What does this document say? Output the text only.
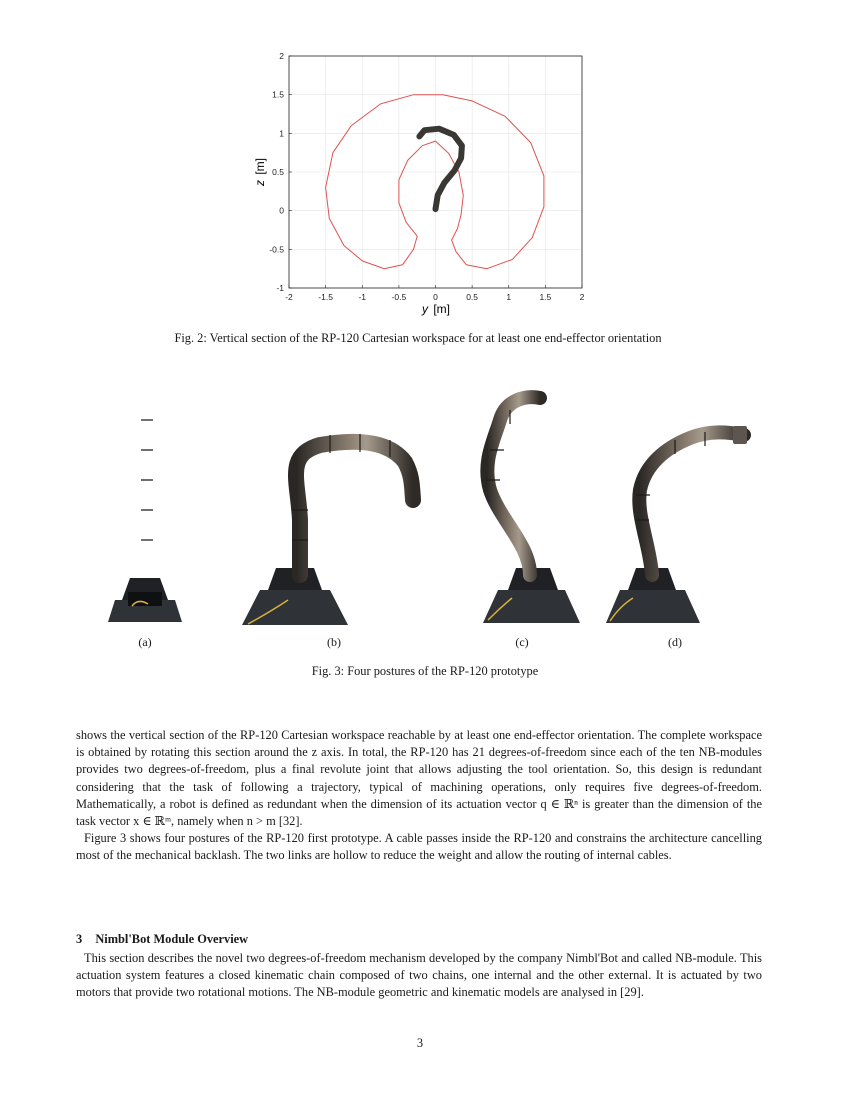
-2	-1.5	-1	-0.5	0	0.5	1	1.5	2
-1
-0.5
0
0.5
1
1.5
2
y [m]
z [m]
Fig. 2: Vertical section of the RP-120 Cartesian workspace for at least one end-effector orientation
(a)	(b)	(c)	(d)
Fig. 3: Four postures of the RP-120 prototype

shows the vertical section of the RP-120 Cartesian workspace reachable by at least one end-effector orientation. The complete workspace is obtained by rotating this section around the z axis. In total, the RP-120 has 21 degrees-of-freedom since each of the ten NB-modules provides two degrees-of-freedom, plus a final revolute joint that allows adjusting the tool orientation. So, this design is redundant considering that the task of following a trajectory, typical of machining operations, only requires five degrees-of-freedom. Mathematically, a robot is defined as redundant when the dimension of its actuation vector q ∈ ℝⁿ is greater than the dimension of the task vector x ∈ ℝᵐ, namely when n > m [32].

Figure 3 shows four postures of the RP-120 first prototype. A cable passes inside the RP-120 and constrains the architecture cancelling most of the mechanical backlash. The two links are hollow to reduce the weight and allow the routing of internal cables.

3 Nimbl'Bot Module Overview

This section describes the novel two degrees-of-freedom mechanism developed by the company Nimbl'Bot and called NB-module. This actuation system features a closed kinematic chain composed of two chains, one internal and the other external. It is actuated by two motors that provide two rotational motions. The NB-module geometric and kinematic models are analysed in [29].

3
